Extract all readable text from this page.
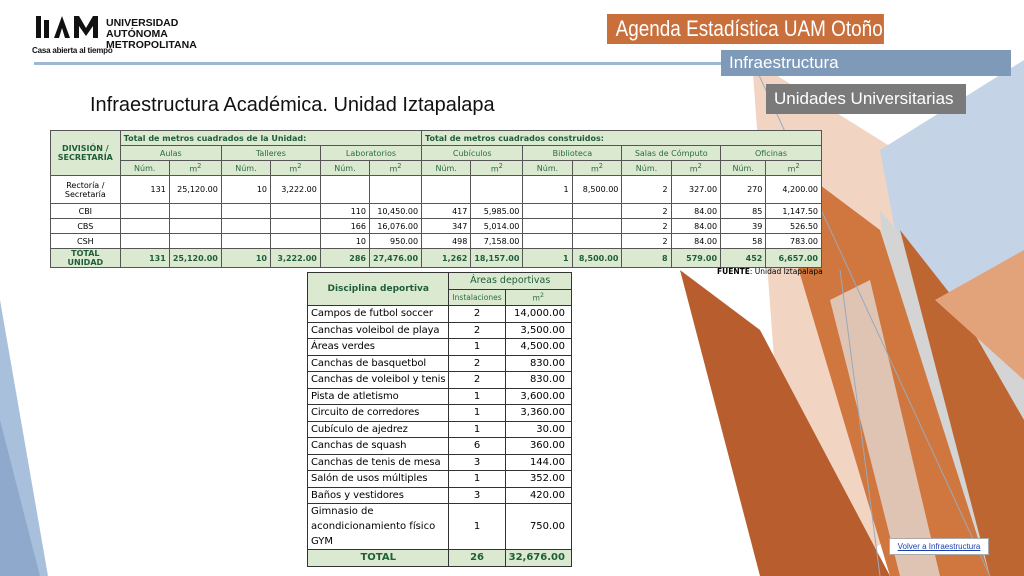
Casa abierta al tiempo
UNIVERSIDAD
AUTÓNOMA
METROPOLITANA
Agenda Estadística UAM Otoño 2017
Infraestructura
Unidades Universitarias
Infraestructura Académica. Unidad Iztapalapa
DIVISIÓN / SECRETARÍA	Total de metros cuadrados de la Unidad:						Total de metros cuadrados construidos:							
	Aulas		Talleres		Laboratorios		Cubículos		Biblioteca		Salas de Cómputo		Oficinas	
	Núm.	$m^2$	Núm.	$m^2$	Núm.	$m^2$	Núm.	$m^2$	Núm.	$m^2$	Núm.	$m^2$	Núm.	$m^2$
Rectoría / Secretaría	131	25,120.00	10	3,222.00					1	8,500.00	2	327.00	270	4,200.00
CBI					110	10,450.00	417	5,985.00			2	84.00	85	1,147.50
CBS					166	16,076.00	347	5,014.00			2	84.00	39	526.50
CSH					10	950.00	498	7,158.00			2	84.00	58	783.00
TOTAL UNIDAD	131	25,120.00	10	3,222.00	286	27,476.00	1,262	18,157.00	1	8,500.00	8	579.00	452	6,657.00
FUENTE: Unidad Iztapalapa
Disciplina deportiva	Áreas deportivas	
	Instalaciones	$m^2$
Campos de futbol soccer	2	14,000.00
Canchas voleibol de playa	2	3,500.00
Áreas verdes	1	4,500.00
Canchas de basquetbol	2	830.00
Canchas de voleibol y tenis	2	830.00
Pista de atletismo	1	3,600.00
Circuito de corredores	1	3,360.00
Cubículo de ajedrez	1	30.00
Canchas de squash	6	360.00
Canchas de tenis de mesa	3	144.00
Salón de usos múltiples	1	352.00
Baños y vestidores	3	420.00
Gimnasio de acondicionamiento físico GYM	1	750.00
TOTAL	26	32,676.00
Volver a Infraestructura
